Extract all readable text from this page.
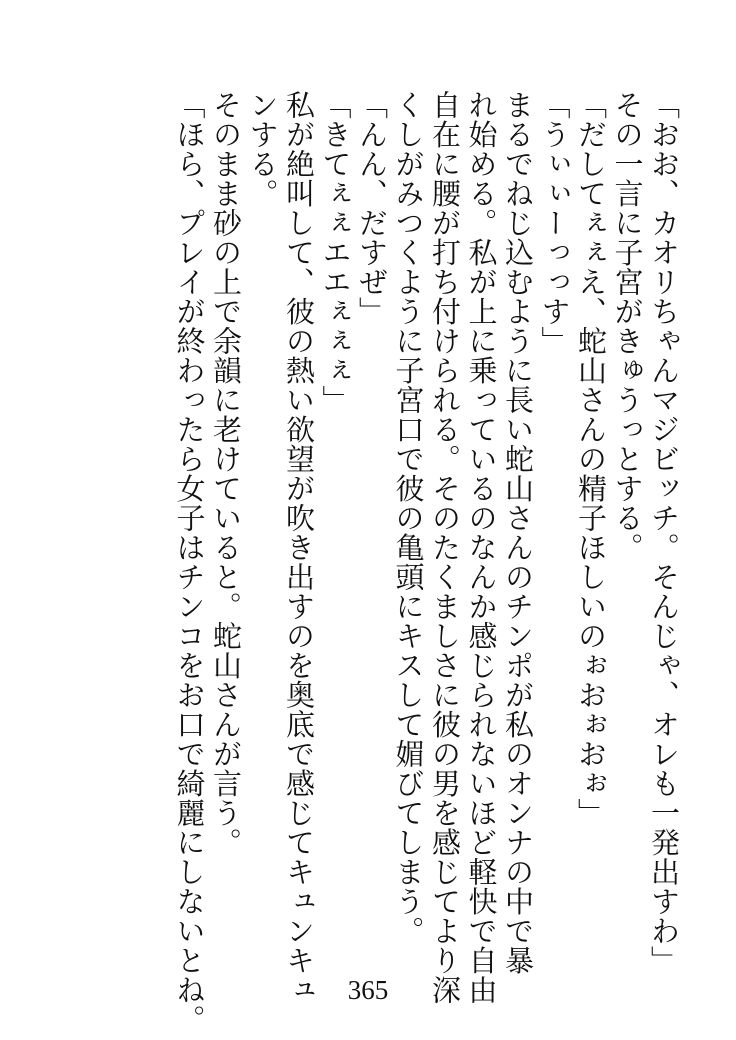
「おお、カオリちゃんマジビッチ。そんじゃ、オレも一発出すわ」
その一言に子宮がきゅうっとする。
「だしてぇぇえ、蛇山さんの精子ほしいのぉおぉおぉ」
「うぃぃーっっす」
まるでねじ込むように長い蛇山さんのチンポが私のオンナの中で暴
れ始める。私が上に乗っているのなんか感じられないほど軽快で自由
自在に腰が打ち付けられる。そのたくましさに彼の男を感じてより深
くしがみつくように子宮口で彼の亀頭にキスして媚びてしまう。
「んん、だすぜ」
「きてぇぇエエぇぇぇ」
私が絶叫して、彼の熱い欲望が吹き出すのを奥底で感じてキュンキュ
ンする。
そのまま砂の上で余韻に老けていると。蛇山さんが言う。
「ほら、プレイが終わったら女子はチンコをお口で綺麗にしないとね。	365
